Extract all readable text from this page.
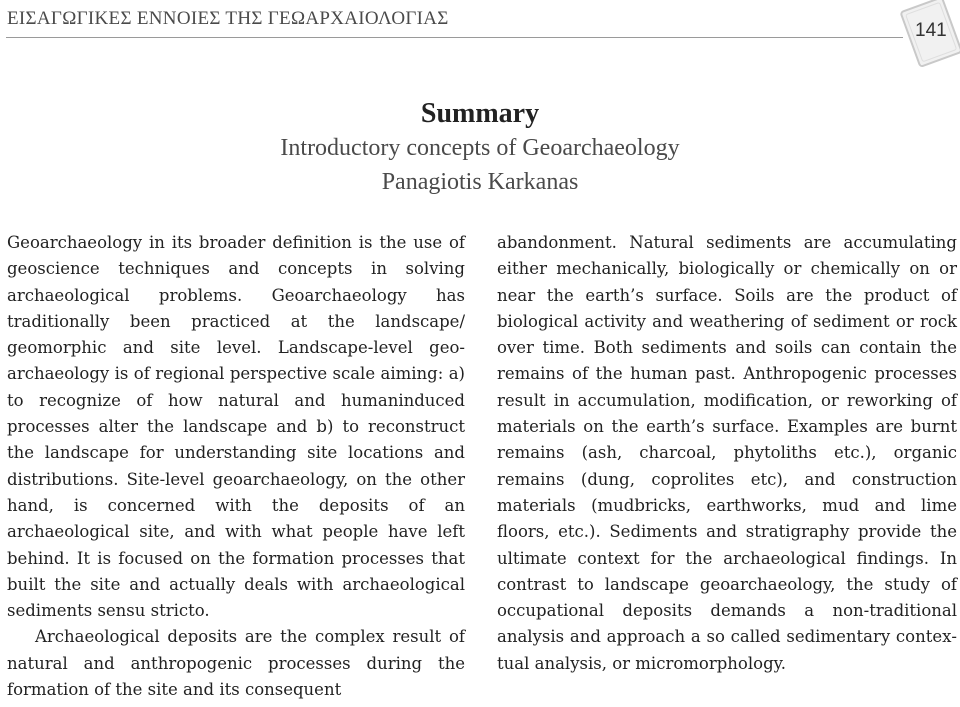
ΕΙΣΑΓΩΓΙΚΕΣ ΕΝΝΟΙΕΣ ΤΗΣ ΓΕΩΑΡΧΑΙΟΛΟΓΙΑΣ
141
Summary
Introductory concepts of Geoarchaeology
Panagiotis Karkanas

Geoarchaeology in its broader definition is the use of geoscience techniques and concepts in solving archaeological problems. Geoarchaeology has traditionally been practiced at the landscape/ geomorphic and site level. Landscape-level geoarchaeology is of regional perspective scale aiming: a) to recognize of how natural and humaninduced processes alter the landscape and b) to reconstruct the landscape for understanding site locations and distributions. Site-level geoarchaeology, on the other hand, is concerned with the deposits of an archaeological site, and with what people have left behind. It is focused on the formation processes that built the site and actually deals with archaeological sediments sensu stricto.

Archaeological deposits are the complex result of natural and anthropogenic processes during the formation of the site and its consequent

abandonment. Natural sediments are accumulating either mechanically, biologically or chemically on or near the earth’s surface. Soils are the product of biological activity and weathering of sediment or rock over time. Both sediments and soils can contain the remains of the human past. Anthropogenic processes result in accumulation, modification, or reworking of materials on the earth’s surface. Examples are burnt remains (ash, charcoal, phytoliths etc.), organic remains (dung, coprolites etc), and construction materials (mudbricks, earthworks, mud and lime floors, etc.). Sediments and stratigraphy provide the ultimate context for the archaeological findings. In contrast to landscape geoarchaeology, the study of occupational deposits demands a non-traditional analysis and approach a so called sedimentary contextual analysis, or micromorphology.
